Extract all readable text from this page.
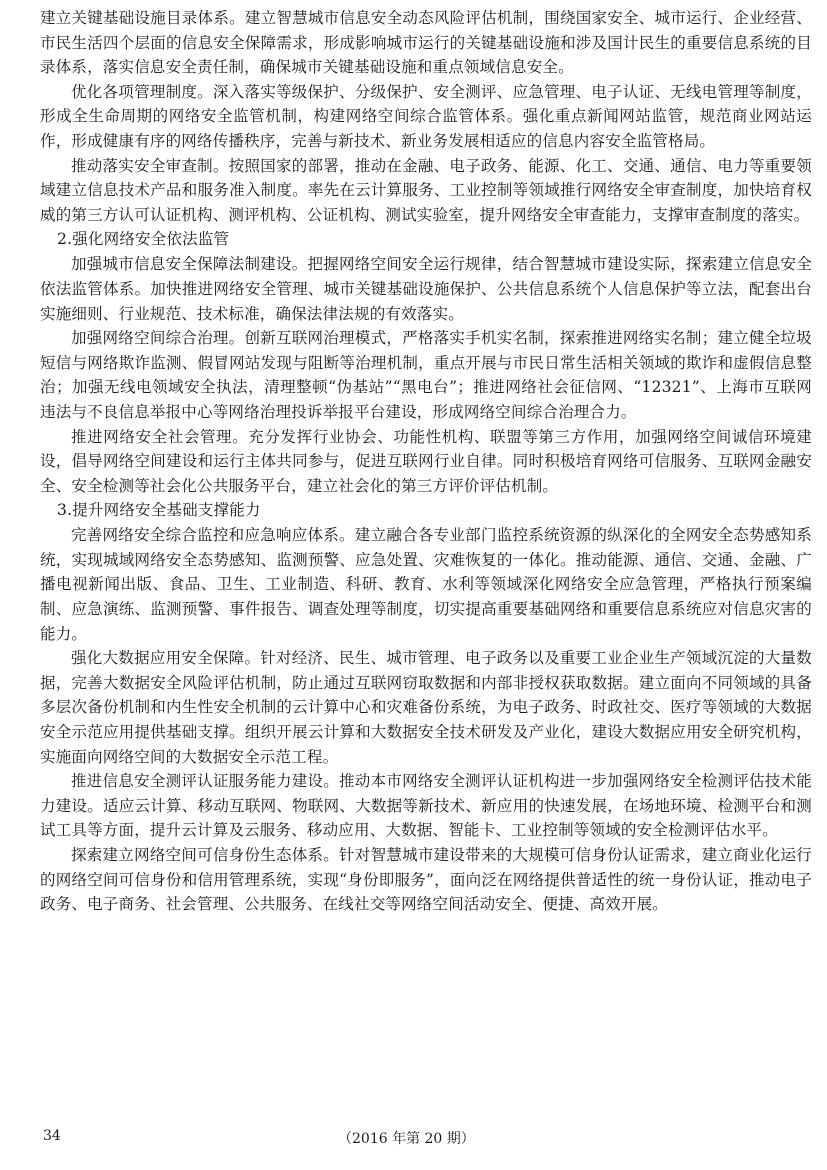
建立关键基础设施目录体系。建立智慧城市信息安全动态风险评估机制，围绕国家安全、城市运行、企业经营、市民生活四个层面的信息安全保障需求，形成影响城市运行的关键基础设施和涉及国计民生的重要信息系统的目录体系，落实信息安全责任制，确保城市关键基础设施和重点领域信息安全。

优化各项管理制度。深入落实等级保护、分级保护、安全测评、应急管理、电子认证、无线电管理等制度，形成全生命周期的网络安全监管机制，构建网络空间综合监管体系。强化重点新闻网站监管，规范商业网站运作，形成健康有序的网络传播秩序，完善与新技术、新业务发展相适应的信息内容安全监管格局。

推动落实安全审查制。按照国家的部署，推动在金融、电子政务、能源、化工、交通、通信、电力等重要领域建立信息技术产品和服务准入制度。率先在云计算服务、工业控制等领域推行网络安全审查制度，加快培育权威的第三方认可认证机构、测评机构、公证机构、测试实验室，提升网络安全审查能力，支撑审查制度的落实。

2.强化网络安全依法监管

加强城市信息安全保障法制建设。把握网络空间安全运行规律，结合智慧城市建设实际，探索建立信息安全依法监管体系。加快推进网络安全管理、城市关键基础设施保护、公共信息系统个人信息保护等立法，配套出台实施细则、行业规范、技术标准，确保法律法规的有效落实。

加强网络空间综合治理。创新互联网治理模式，严格落实手机实名制，探索推进网络实名制；建立健全垃圾短信与网络欺诈监测、假冒网站发现与阻断等治理机制，重点开展与市民日常生活相关领域的欺诈和虚假信息整治；加强无线电领域安全执法，清理整顿“伪基站”“黑电台”；推进网络社会征信网、“12321”、上海市互联网违法与不良信息举报中心等网络治理投诉举报平台建设，形成网络空间综合治理合力。

推进网络安全社会管理。充分发挥行业协会、功能性机构、联盟等第三方作用，加强网络空间诚信环境建设，倡导网络空间建设和运行主体共同参与，促进互联网行业自律。同时积极培育网络可信服务、互联网金融安全、安全检测等社会化公共服务平台，建立社会化的第三方评价评估机制。

3.提升网络安全基础支撑能力

完善网络安全综合监控和应急响应体系。建立融合各专业部门监控系统资源的纵深化的全网安全态势感知系统，实现城域网络安全态势感知、监测预警、应急处置、灾难恢复的一体化。推动能源、通信、交通、金融、广播电视新闻出版、食品、卫生、工业制造、科研、教育、水利等领域深化网络安全应急管理，严格执行预案编制、应急演练、监测预警、事件报告、调查处理等制度，切实提高重要基础网络和重要信息系统应对信息灾害的能力。

强化大数据应用安全保障。针对经济、民生、城市管理、电子政务以及重要工业企业生产领域沉淀的大量数据，完善大数据安全风险评估机制，防止通过互联网窃取数据和内部非授权获取数据。建立面向不同领域的具备多层次备份机制和内生性安全机制的云计算中心和灾难备份系统，为电子政务、时政社交、医疗等领域的大数据安全示范应用提供基础支撑。组织开展云计算和大数据安全技术研发及产业化，建设大数据应用安全研究机构，实施面向网络空间的大数据安全示范工程。

推进信息安全测评认证服务能力建设。推动本市网络安全测评认证机构进一步加强网络安全检测评估技术能力建设。适应云计算、移动互联网、物联网、大数据等新技术、新应用的快速发展，在场地环境、检测平台和测试工具等方面，提升云计算及云服务、移动应用、大数据、智能卡、工业控制等领域的安全检测评估水平。

探索建立网络空间可信身份生态体系。针对智慧城市建设带来的大规模可信身份认证需求，建立商业化运行的网络空间可信身份和信用管理系统，实现“身份即服务”，面向泛在网络提供普适性的统一身份认证，推动电子政务、电子商务、社会管理、公共服务、在线社交等网络空间活动安全、便捷、高效开展。

34	（2016 年第 20 期）
